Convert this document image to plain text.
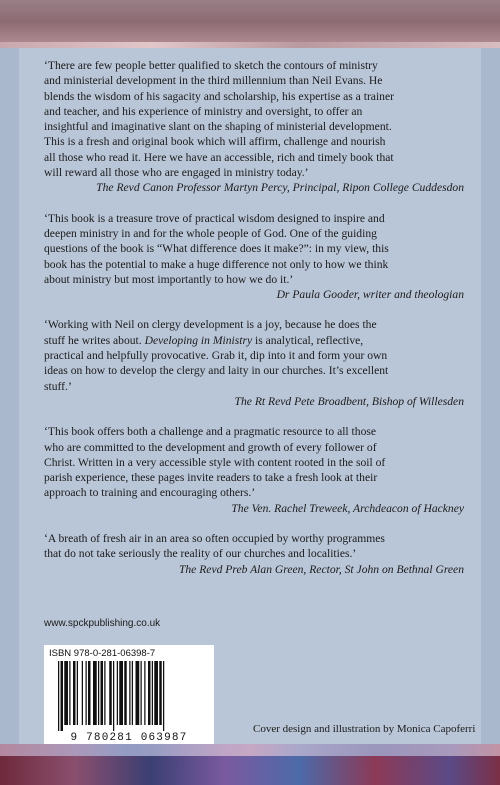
‘There are few people better qualified to sketch the contours of ministry
and ministerial development in the third millennium than Neil Evans. He
blends the wisdom of his sagacity and scholarship, his expertise as a trainer
and teacher, and his experience of ministry and oversight, to offer an
insightful and imaginative slant on the shaping of ministerial development.
This is a fresh and original book which will affirm, challenge and nourish
all those who read it. Here we have an accessible, rich and timely book that
will reward all those who are engaged in ministry today.’

The Revd Canon Professor Martyn Percy, Principal, Ripon College Cuddesdon

‘This book is a treasure trove of practical wisdom designed to inspire and
deepen ministry in and for the whole people of God. One of the guiding
questions of the book is “What difference does it make?”: in my view, this
book has the potential to make a huge difference not only to how we think
about ministry but most importantly to how we do it.’

Dr Paula Gooder, writer and theologian

‘Working with Neil on clergy development is a joy, because he does the
stuff he writes about. Developing in Ministry is analytical, reflective,
practical and helpfully provocative. Grab it, dip into it and form your own
ideas on how to develop the clergy and laity in our churches. It’s excellent
stuff.’

The Rt Revd Pete Broadbent, Bishop of Willesden

‘This book offers both a challenge and a pragmatic resource to all those
who are committed to the development and growth of every follower of
Christ. Written in a very accessible style with content rooted in the soil of
parish experience, these pages invite readers to take a fresh look at their
approach to training and encouraging others.’

The Ven. Rachel Treweek, Archdeacon of Hackney

‘A breath of fresh air in an area so often occupied by worthy programmes
that do not take seriously the reality of our churches and localities.’

The Revd Preb Alan Green, Rector, St John on Bethnal Green

www.spckpublishing.co.uk
ISBN 978-0-281-06398-7
9 780281 063987
Cover design and illustration by Monica Capoferri
